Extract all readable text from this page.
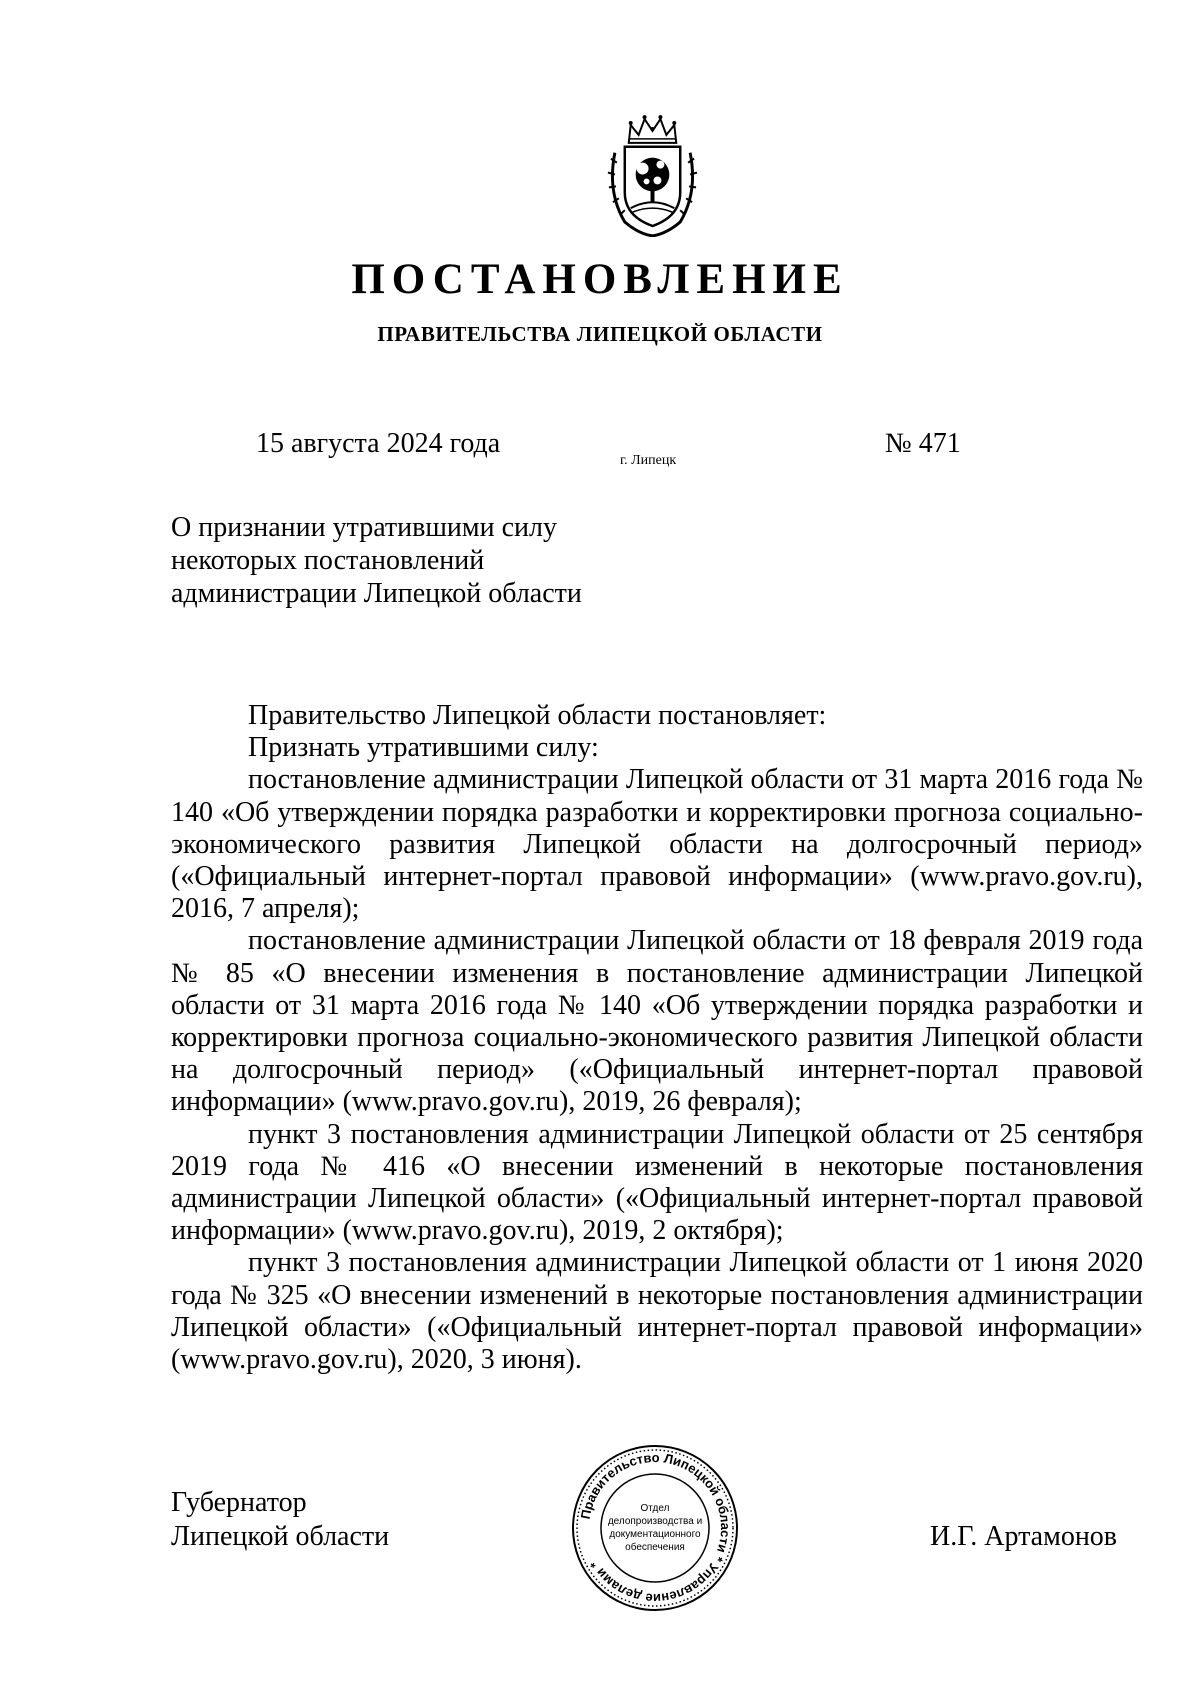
ПОСТАНОВЛЕНИЕ
ПРАВИТЕЛЬСТВА ЛИПЕЦКОЙ ОБЛАСТИ
15 августа 2024 года
г. Липецк
№ 471
О признании утратившими силу
некоторых постановлений
администрации Липецкой области

Правительство Липецкой области постановляет:

Признать утратившими силу:

постановление администрации Липецкой области от 31 марта 2016 года № 140 «Об утверждении порядка разработки и корректировки прогноза социально-экономического развития Липецкой области на долгосрочный период» («Официальный интернет-портал правовой информации» (www.pravo.gov.ru), 2016, 7 апреля);

постановление администрации Липецкой области от 18 февраля 2019 года № 85 «О внесении изменения в постановление администрации Липецкой области от 31 марта 2016 года № 140 «Об утверждении порядка разработки и корректировки прогноза социально-экономического развития Липецкой области на долгосрочный период» («Официальный интернет-портал правовой информации» (www.pravo.gov.ru), 2019, 26 февраля);

пункт 3 постановления администрации Липецкой области от 25 сентября 2019 года № 416 «О внесении изменений в некоторые постановления администрации Липецкой области» («Официальный интернет-портал правовой информации» (www.pravo.gov.ru), 2019, 2 октября);

пункт 3 постановления администрации Липецкой области от 1 июня 2020 года № 325 «О внесении изменений в некоторые постановления администрации Липецкой области» («Официальный интернет-портал правовой информации» (www.pravo.gov.ru), 2020, 3 июня).

Губернатор
Липецкой области
Правительство Липецкой области * Управление делами *
Отдел
делопроизводства и
документационного
обеспечения	И.Г. Артамонов
